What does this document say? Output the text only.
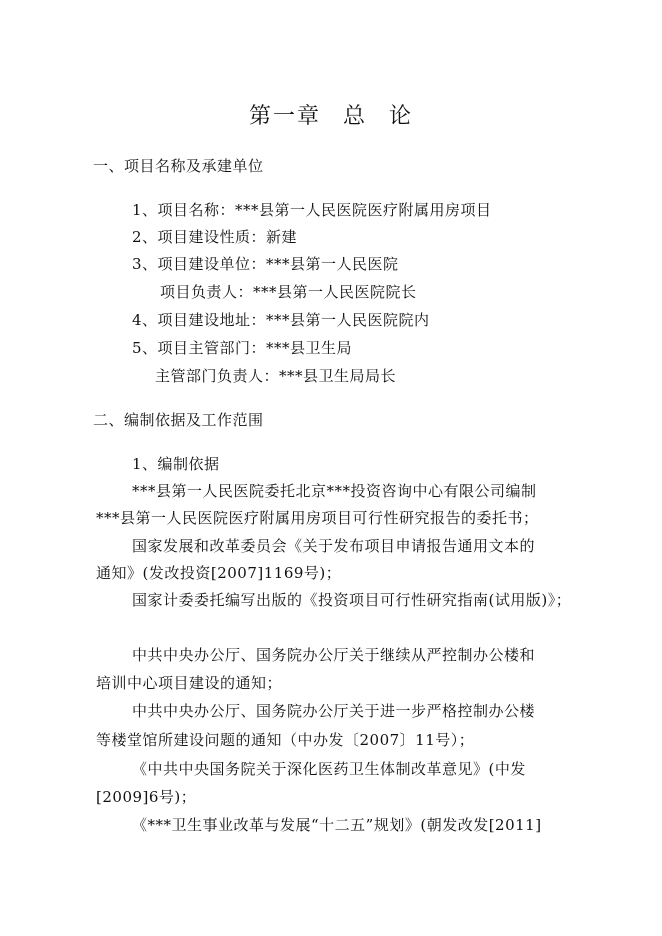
第一章 总 论
一、项目名称及承建单位
1、项目名称：***县第一人民医院医疗附属用房项目
2、项目建设性质：新建
3、项目建设单位：***县第一人民医院
项目负责人：***县第一人民医院院长
4、项目建设地址：***县第一人民医院院内
5、项目主管部门：***县卫生局
主管部门负责人：***县卫生局局长
二、编制依据及工作范围
1、编制依据
***县第一人民医院委托北京***投资咨询中心有限公司编制
***县第一人民医院医疗附属用房项目可行性研究报告的委托书；
国家发展和改革委员会《关于发布项目申请报告通用文本的
通知》(发改投资[2007]1169号)；
国家计委委托编写出版的《投资项目可行性研究指南(试用版)》；
中共中央办公厅、国务院办公厅关于继续从严控制办公楼和
培训中心项目建设的通知；
中共中央办公厅、国务院办公厅关于进一步严格控制办公楼
等楼堂馆所建设问题的通知（中办发〔2007〕11号）；
《中共中央国务院关于深化医药卫生体制改革意见》(中发
[2009]6号)；
《***卫生事业改革与发展“十二五”规划》(朝发改发[2011]
